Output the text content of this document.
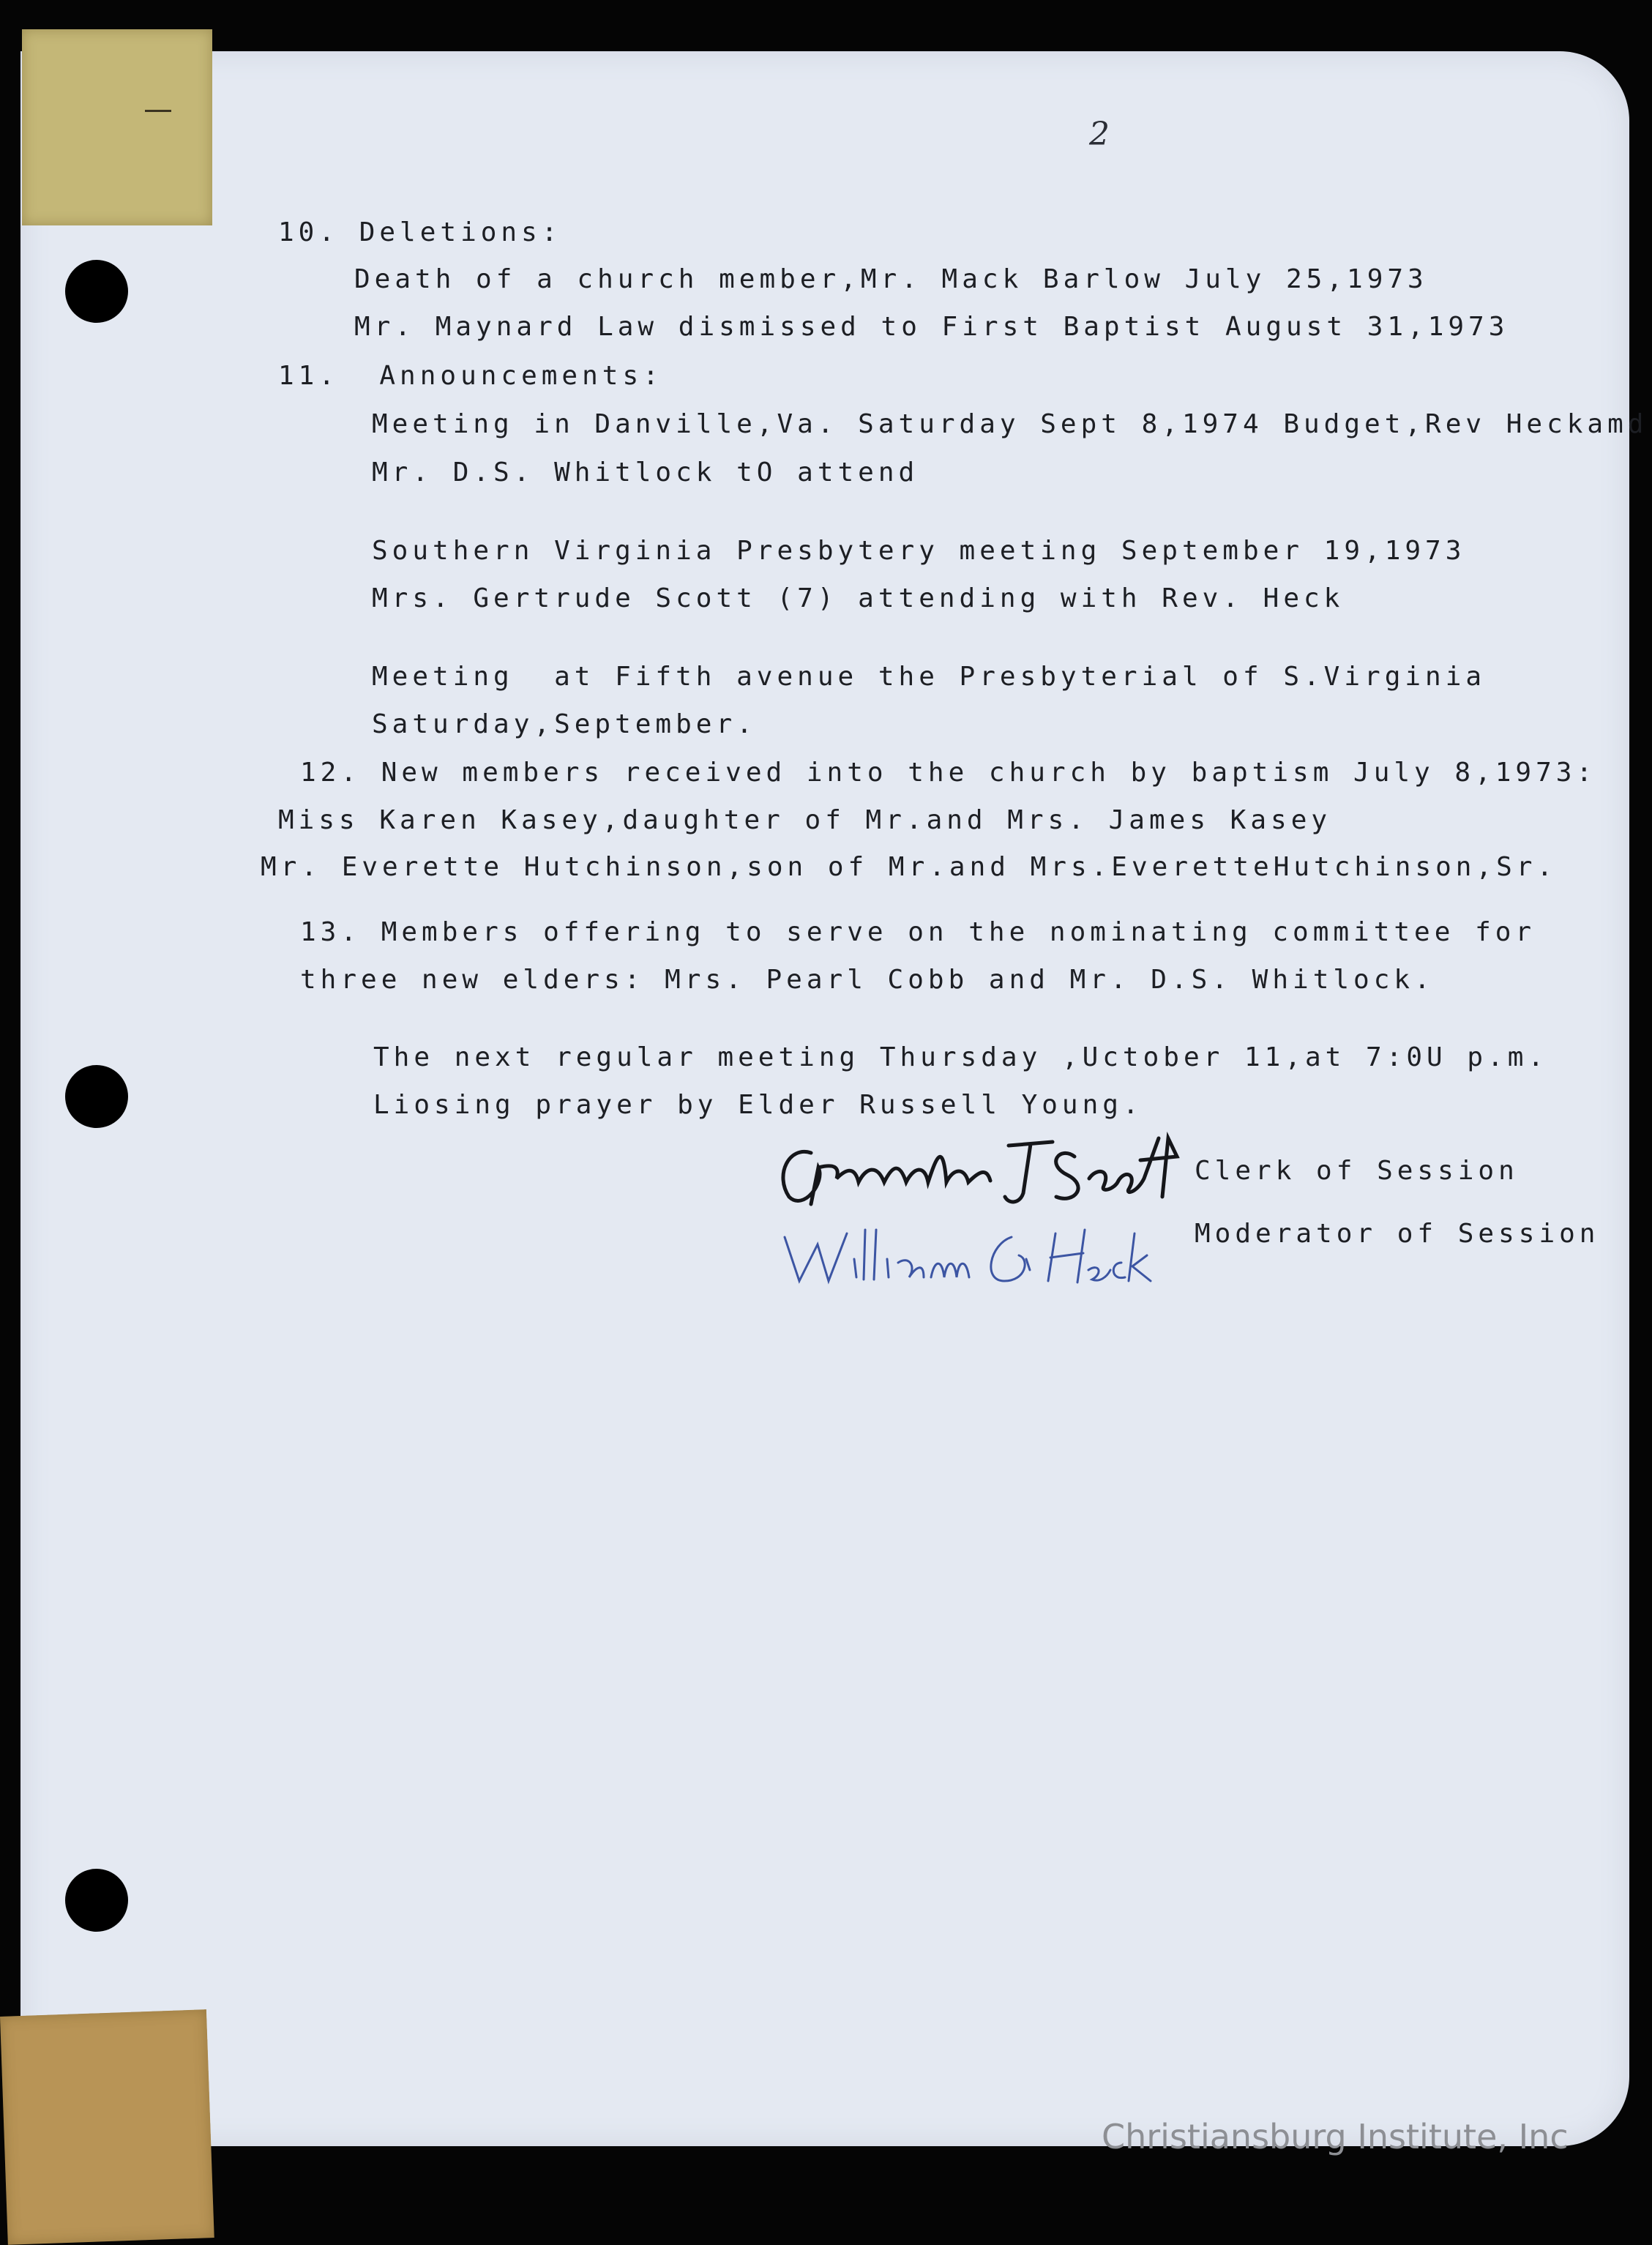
2

10. Deletions:

Death of a church member,Mr. Mack Barlow July 25,1973

Mr. Maynard Law dismissed to First Baptist August 31,1973

11.  Announcements:

Meeting in Danville,Va. Saturday Sept 8,1974 Budget,Rev Heckamd

Mr. D.S. Whitlock tO attend

Southern Virginia Presbytery meeting September 19,1973

Mrs. Gertrude Scott (7) attending with Rev. Heck

Meeting  at Fifth avenue the Presbyterial of S.Virginia

Saturday,September.

12. New members received into the church by baptism July 8,1973:

Miss Karen Kasey,daughter of Mr.and Mrs. James Kasey

Mr. Everette Hutchinson,son of Mr.and Mrs.EveretteHutchinson,Sr.

13. Members offering to serve on the nominating committee for

three new elders: Mrs. Pearl Cobb and Mr. D.S. Whitlock.

The next regular meeting Thursday ,Uctober 11,at 7:0U p.m.

Liosing prayer by Elder Russell Young.

Clerk of Session
Moderator of Session
Christiansburg Institute, Inc
